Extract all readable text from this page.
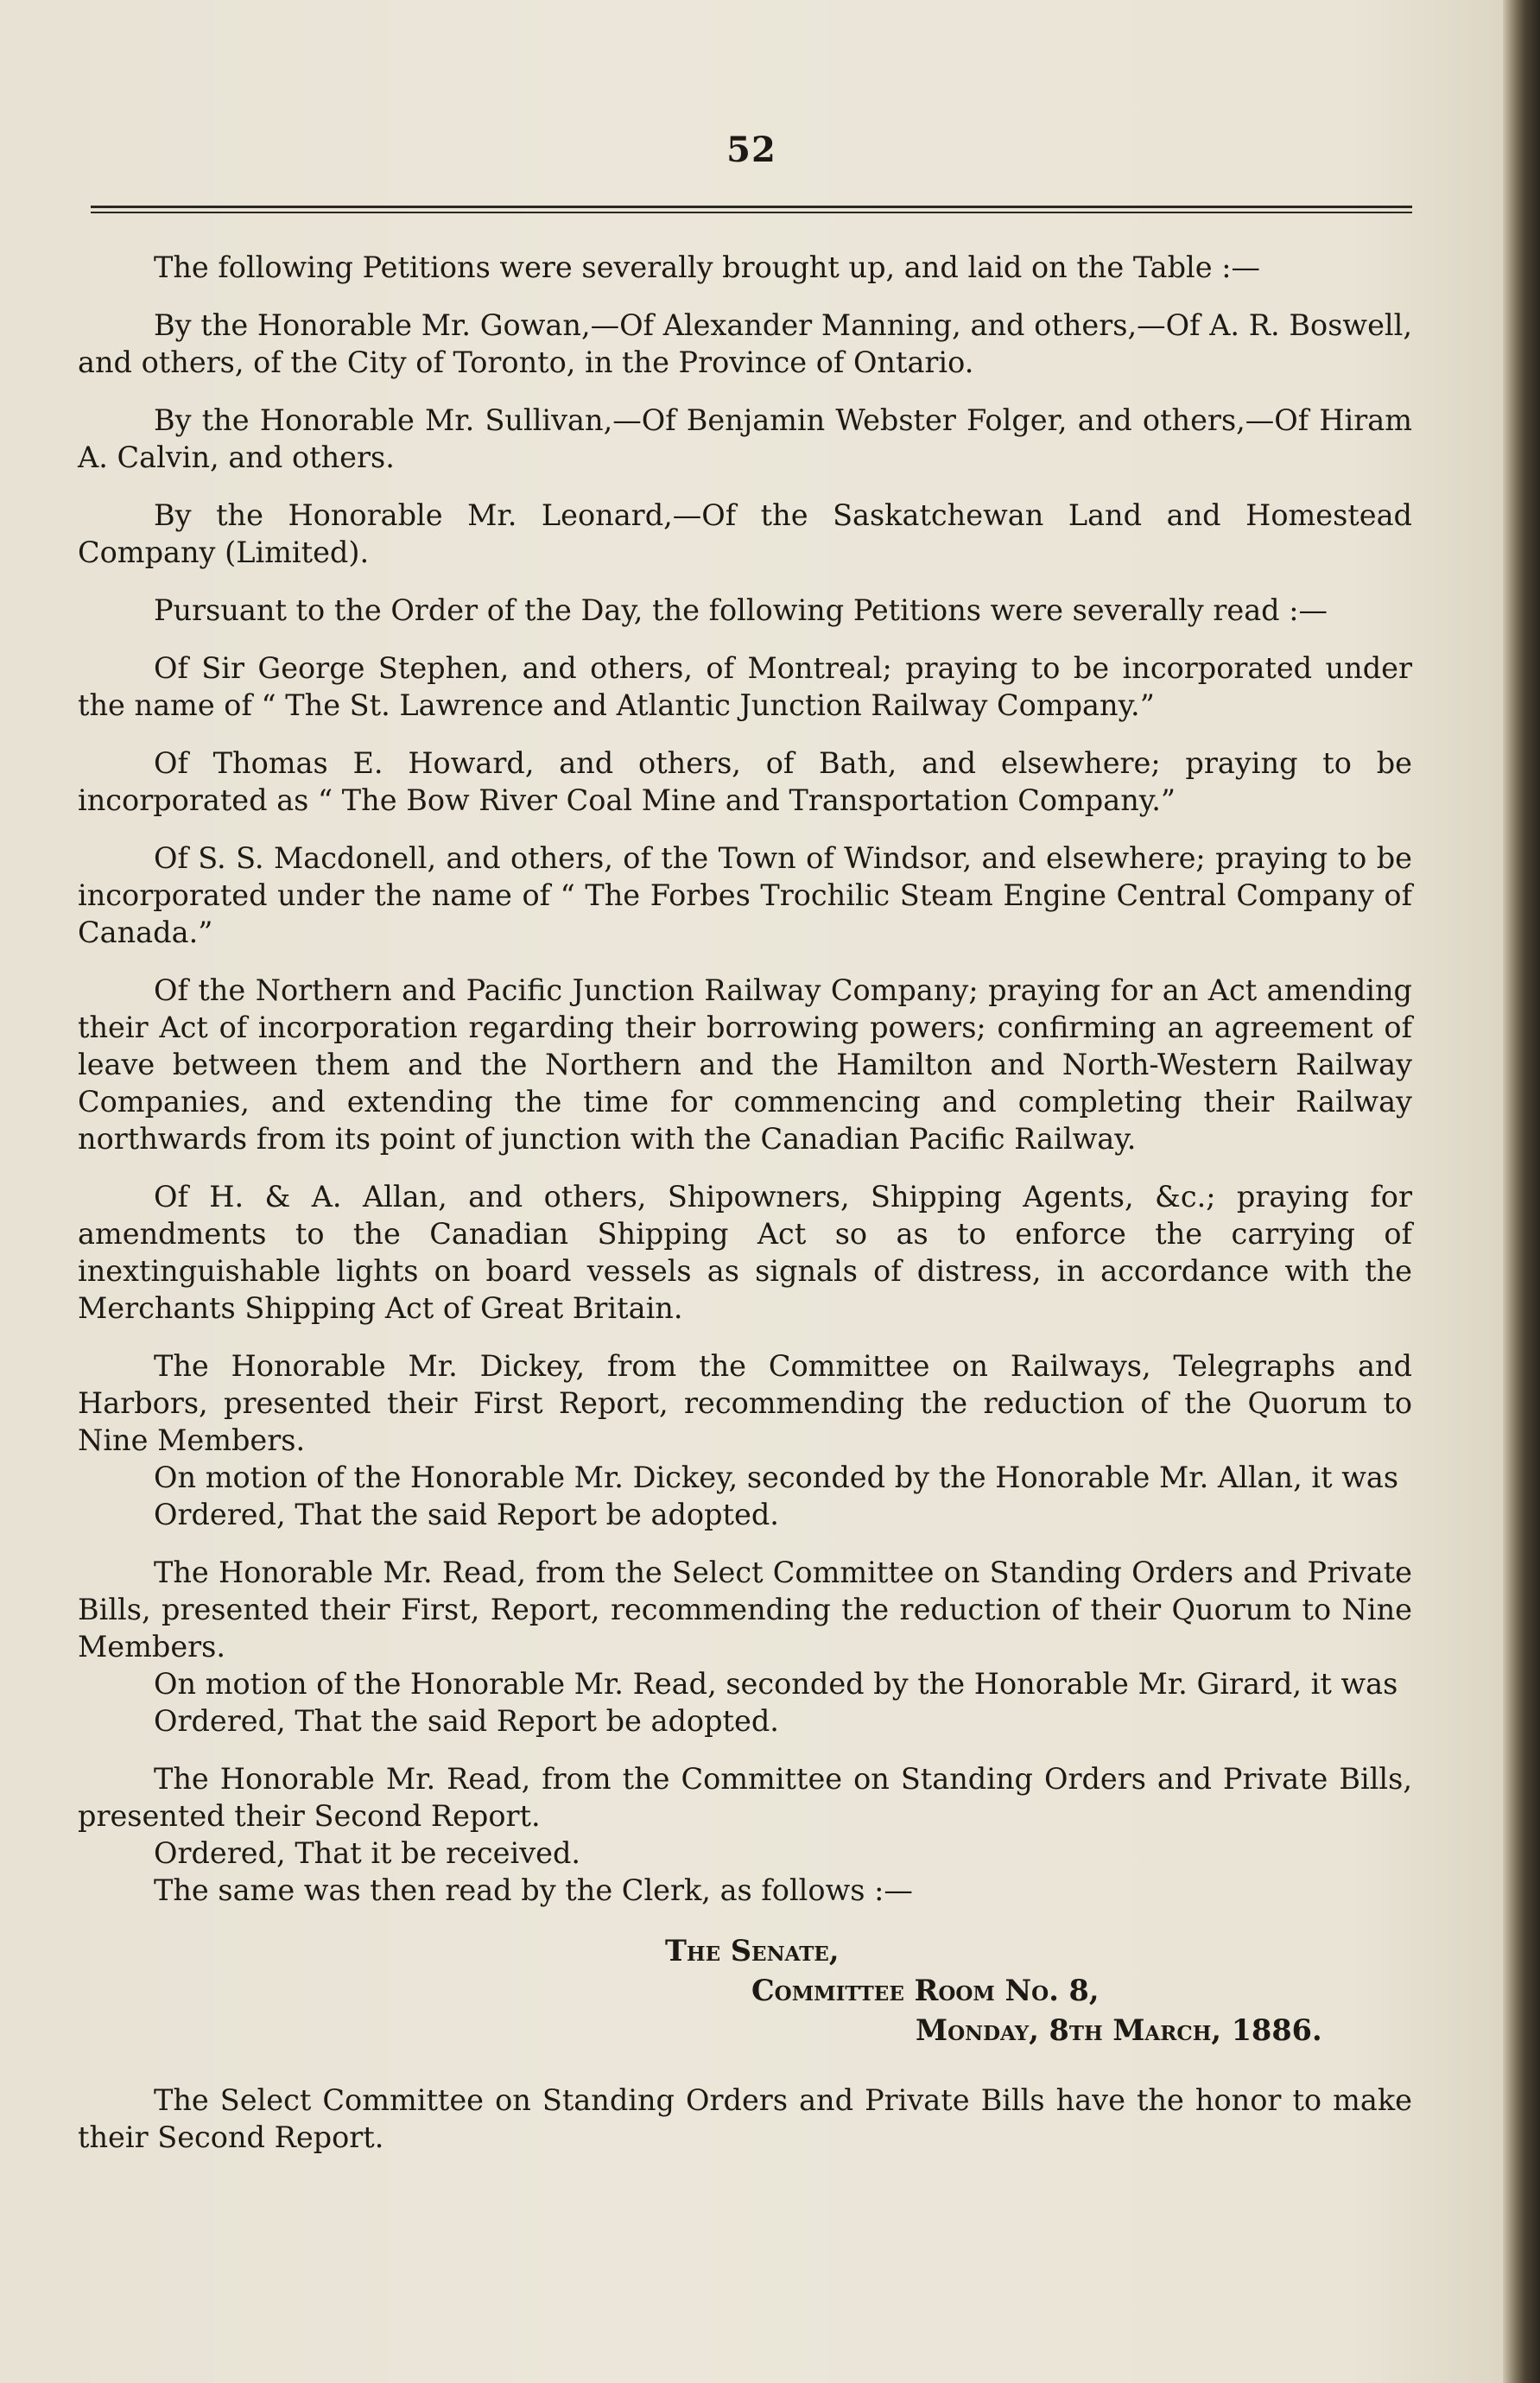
52

The following Petitions were severally brought up, and laid on the Table :—

By the Honorable Mr. Gowan,—Of Alexander Manning, and others,—Of A. R. Boswell, and others, of the City of Toronto, in the Province of Ontario.

By the Honorable Mr. Sullivan,—Of Benjamin Webster Folger, and others,—Of Hiram A. Calvin, and others.

By the Honorable Mr. Leonard,—Of the Saskatchewan Land and Homestead Company (Limited).

Pursuant to the Order of the Day, the following Petitions were severally read :—

Of Sir George Stephen, and others, of Montreal; praying to be incorporated under the name of “ The St. Lawrence and Atlantic Junction Railway Company.”

Of Thomas E. Howard, and others, of Bath, and elsewhere; praying to be incorporated as “ The Bow River Coal Mine and Transportation Company.”

Of S. S. Macdonell, and others, of the Town of Windsor, and elsewhere; praying to be incorporated under the name of “ The Forbes Trochilic Steam Engine Central Company of Canada.”

Of the Northern and Pacific Junction Railway Company; praying for an Act amending their Act of incorporation regarding their borrowing powers; confirming an agreement of leave between them and the Northern and the Hamilton and North-Western Railway Companies, and extending the time for commencing and completing their Railway northwards from its point of junction with the Canadian Pacific Railway.

Of H. & A. Allan, and others, Shipowners, Shipping Agents, &c.; praying for amendments to the Canadian Shipping Act so as to enforce the carrying of inextinguishable lights on board vessels as signals of distress, in accordance with the Merchants Shipping Act of Great Britain.

The Honorable Mr. Dickey, from the Committee on Railways, Telegraphs and Harbors, presented their First Report, recommending the reduction of the Quorum to Nine Members.

On motion of the Honorable Mr. Dickey, seconded by the Honorable Mr. Allan, it was

Ordered, That the said Report be adopted.

The Honorable Mr. Read, from the Select Committee on Standing Orders and Private Bills, presented their First, Report, recommending the reduction of their Quorum to Nine Members.

On motion of the Honorable Mr. Read, seconded by the Honorable Mr. Girard, it was

Ordered, That the said Report be adopted.

The Honorable Mr. Read, from the Committee on Standing Orders and Private Bills, presented their Second Report.

Ordered, That it be received.

The same was then read by the Clerk, as follows :—

The Senate,

Committee Room No. 8,

Monday, 8th March, 1886.

The Select Committee on Standing Orders and Private Bills have the honor to make their Second Report.
